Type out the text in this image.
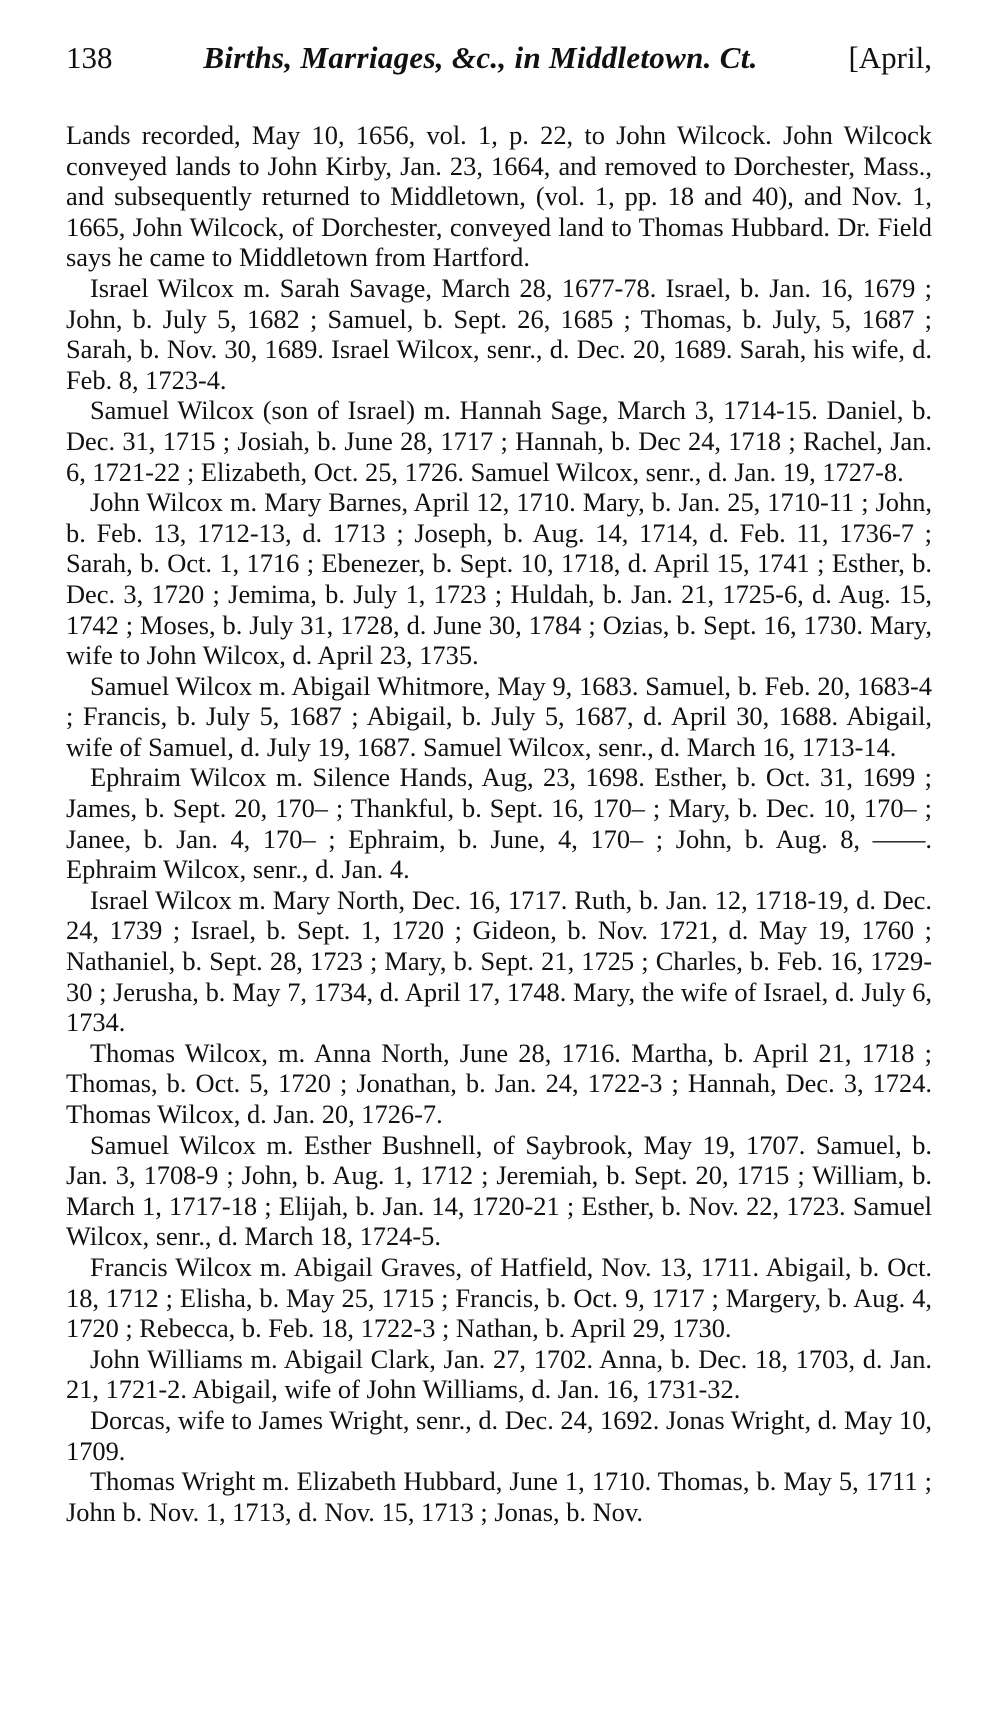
138	Births, Marriages, &c., in Middletown. Ct.	[April,

Lands recorded, May 10, 1656, vol. 1, p. 22, to John Wilcock. John Wilcock conveyed lands to John Kirby, Jan. 23, 1664, and removed to Dorchester, Mass., and subsequently returned to Middletown, (vol. 1, pp. 18 and 40), and Nov. 1, 1665, John Wilcock, of Dorchester, conveyed land to Thomas Hubbard. Dr. Field says he came to Middletown from Hartford.

Israel Wilcox m. Sarah Savage, March 28, 1677-78. Israel, b. Jan. 16, 1679 ; John, b. July 5, 1682 ; Samuel, b. Sept. 26, 1685 ; Thomas, b. July, 5, 1687 ; Sarah, b. Nov. 30, 1689. Israel Wilcox, senr., d. Dec. 20, 1689. Sarah, his wife, d. Feb. 8, 1723-4.

Samuel Wilcox (son of Israel) m. Hannah Sage, March 3, 1714-15. Daniel, b. Dec. 31, 1715 ; Josiah, b. June 28, 1717 ; Hannah, b. Dec 24, 1718 ; Rachel, Jan. 6, 1721-22 ; Elizabeth, Oct. 25, 1726. Samuel Wilcox, senr., d. Jan. 19, 1727-8.

John Wilcox m. Mary Barnes, April 12, 1710. Mary, b. Jan. 25, 1710-11 ; John, b. Feb. 13, 1712-13, d. 1713 ; Joseph, b. Aug. 14, 1714, d. Feb. 11, 1736-7 ; Sarah, b. Oct. 1, 1716 ; Ebenezer, b. Sept. 10, 1718, d. April 15, 1741 ; Esther, b. Dec. 3, 1720 ; Jemima, b. July 1, 1723 ; Huldah, b. Jan. 21, 1725-6, d. Aug. 15, 1742 ; Moses, b. July 31, 1728, d. June 30, 1784 ; Ozias, b. Sept. 16, 1730. Mary, wife to John Wilcox, d. April 23, 1735.

Samuel Wilcox m. Abigail Whitmore, May 9, 1683. Samuel, b. Feb. 20, 1683-4 ; Francis, b. July 5, 1687 ; Abigail, b. July 5, 1687, d. April 30, 1688. Abigail, wife of Samuel, d. July 19, 1687. Samuel Wilcox, senr., d. March 16, 1713-14.

Ephraim Wilcox m. Silence Hands, Aug, 23, 1698. Esther, b. Oct. 31, 1699 ; James, b. Sept. 20, 170– ; Thankful, b. Sept. 16, 170– ; Mary, b. Dec. 10, 170– ; Janee, b. Jan. 4, 170– ; Ephraim, b. June, 4, 170– ; John, b. Aug. 8, ——. Ephraim Wilcox, senr., d. Jan. 4.

Israel Wilcox m. Mary North, Dec. 16, 1717. Ruth, b. Jan. 12, 1718-19, d. Dec. 24, 1739 ; Israel, b. Sept. 1, 1720 ; Gideon, b. Nov. 1721, d. May 19, 1760 ; Nathaniel, b. Sept. 28, 1723 ; Mary, b. Sept. 21, 1725 ; Charles, b. Feb. 16, 1729-30 ; Jerusha, b. May 7, 1734, d. April 17, 1748. Mary, the wife of Israel, d. July 6, 1734.

Thomas Wilcox, m. Anna North, June 28, 1716. Martha, b. April 21, 1718 ; Thomas, b. Oct. 5, 1720 ; Jonathan, b. Jan. 24, 1722-3 ; Hannah, Dec. 3, 1724. Thomas Wilcox, d. Jan. 20, 1726-7.

Samuel Wilcox m. Esther Bushnell, of Saybrook, May 19, 1707. Samuel, b. Jan. 3, 1708-9 ; John, b. Aug. 1, 1712 ; Jeremiah, b. Sept. 20, 1715 ; William, b. March 1, 1717-18 ; Elijah, b. Jan. 14, 1720-21 ; Esther, b. Nov. 22, 1723. Samuel Wilcox, senr., d. March 18, 1724-5.

Francis Wilcox m. Abigail Graves, of Hatfield, Nov. 13, 1711. Abigail, b. Oct. 18, 1712 ; Elisha, b. May 25, 1715 ; Francis, b. Oct. 9, 1717 ; Margery, b. Aug. 4, 1720 ; Rebecca, b. Feb. 18, 1722-3 ; Nathan, b. April 29, 1730.

John Williams m. Abigail Clark, Jan. 27, 1702. Anna, b. Dec. 18, 1703, d. Jan. 21, 1721-2. Abigail, wife of John Williams, d. Jan. 16, 1731-32.

Dorcas, wife to James Wright, senr., d. Dec. 24, 1692. Jonas Wright, d. May 10, 1709.

Thomas Wright m. Elizabeth Hubbard, June 1, 1710. Thomas, b. May 5, 1711 ; John b. Nov. 1, 1713, d. Nov. 15, 1713 ; Jonas, b. Nov.
